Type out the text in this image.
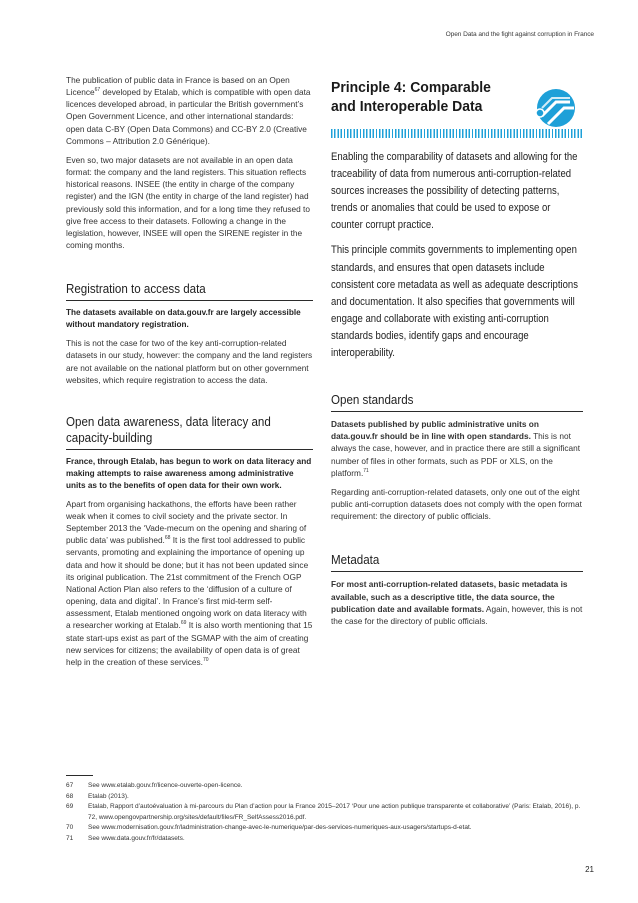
Open Data and the fight against corruption in France

The publication of public data in France is based on an Open Licence$^{67}$ developed by Etalab, which is compatible with open data licences developed abroad, in particular the British government’s Open Government Licence, and other international standards: open data C-BY (Open Data Commons) and CC-BY 2.0 (Creative Commons – Attribution 2.0 Générique).

Even so, two major datasets are not available in an open data format: the company and the land registers. This situation reflects historical reasons. INSEE (the entity in charge of the company register) and the IGN (the entity in charge of the land register) had previously sold this information, and for a long time they refused to give free access to their datasets. Following a change in the legislation, however, INSEE will open the SIRENE register in the coming months.

Registration to access data

The datasets available on data.gouv.fr are largely accessible without mandatory registration.

This is not the case for two of the key anti-corruption-related datasets in our study, however: the company and the land registers are not available on the national platform but on other government websites, which require registration to access the data.

Open data awareness, data literacy and capacity-building

France, through Etalab, has begun to work on data literacy and making attempts to raise awareness among administrative units as to the benefits of open data for their own work.

Apart from organising hackathons, the efforts have been rather weak when it comes to civil society and the private sector. In September 2013 the ‘Vade-mecum on the opening and sharing of public data’ was published.$^{68}$ It is the first tool addressed to public servants, promoting and explaining the importance of opening up data and how it should be done; but it has not been updated since its original publication. The 21st commitment of the French OGP National Action Plan also refers to the ‘diffusion of a culture of opening, data and digital’. In France’s first mid-term self-assessment, Etalab mentioned ongoing work on data literacy with a researcher working at Etalab.$^{69}$ It is also worth mentioning that 15 state start-ups exist as part of the SGMAP with the aim of creating new services for citizens; the availability of open data is of great help in the creation of these services.$^{70}$

Principle 4: Comparable and Interoperable Data

Enabling the comparability of datasets and allowing for the traceability of data from numerous anti-corruption-related sources increases the possibility of detecting patterns, trends or anomalies that could be used to expose or counter corrupt practice.

This principle commits governments to implementing open standards, and ensures that open datasets include consistent core metadata as well as adequate descriptions and documentation. It also specifies that governments will engage and collaborate with existing anti-corruption standards bodies, identify gaps and encourage interoperability.

Open standards

Datasets published by public administrative units on data.gouv.fr should be in line with open standards. This is not always the case, however, and in practice there are still a significant number of files in other formats, such as PDF or XLS, on the platform.$^{71}$

Regarding anti-corruption-related datasets, only one out of the eight public anti-corruption datasets does not comply with the open format requirement: the directory of public officials.

Metadata

For most anti-corruption-related datasets, basic metadata is available, such as a descriptive title, the data source, the publication date and available formats. Again, however, this is not the case for the directory of public officials.

67	See www.etalab.gouv.fr/licence-ouverte-open-licence.
68	Etalab (2013).
69	Etalab, Rapport d’autoévaluation à mi-parcours du Plan d’action pour la France 2015–2017 ‘Pour une action publique transparente et collaborative’ (Paris: Etalab, 2016), p. 72, www.opengovpartnership.org/sites/default/files/FR_SelfAssess2016.pdf.
70	See www.modernisation.gouv.fr/ladministration-change-avec-le-numerique/par-des-services-numeriques-aux-usagers/startups-d-etat.
71	See www.data.gouv.fr/fr/datasets.
21
